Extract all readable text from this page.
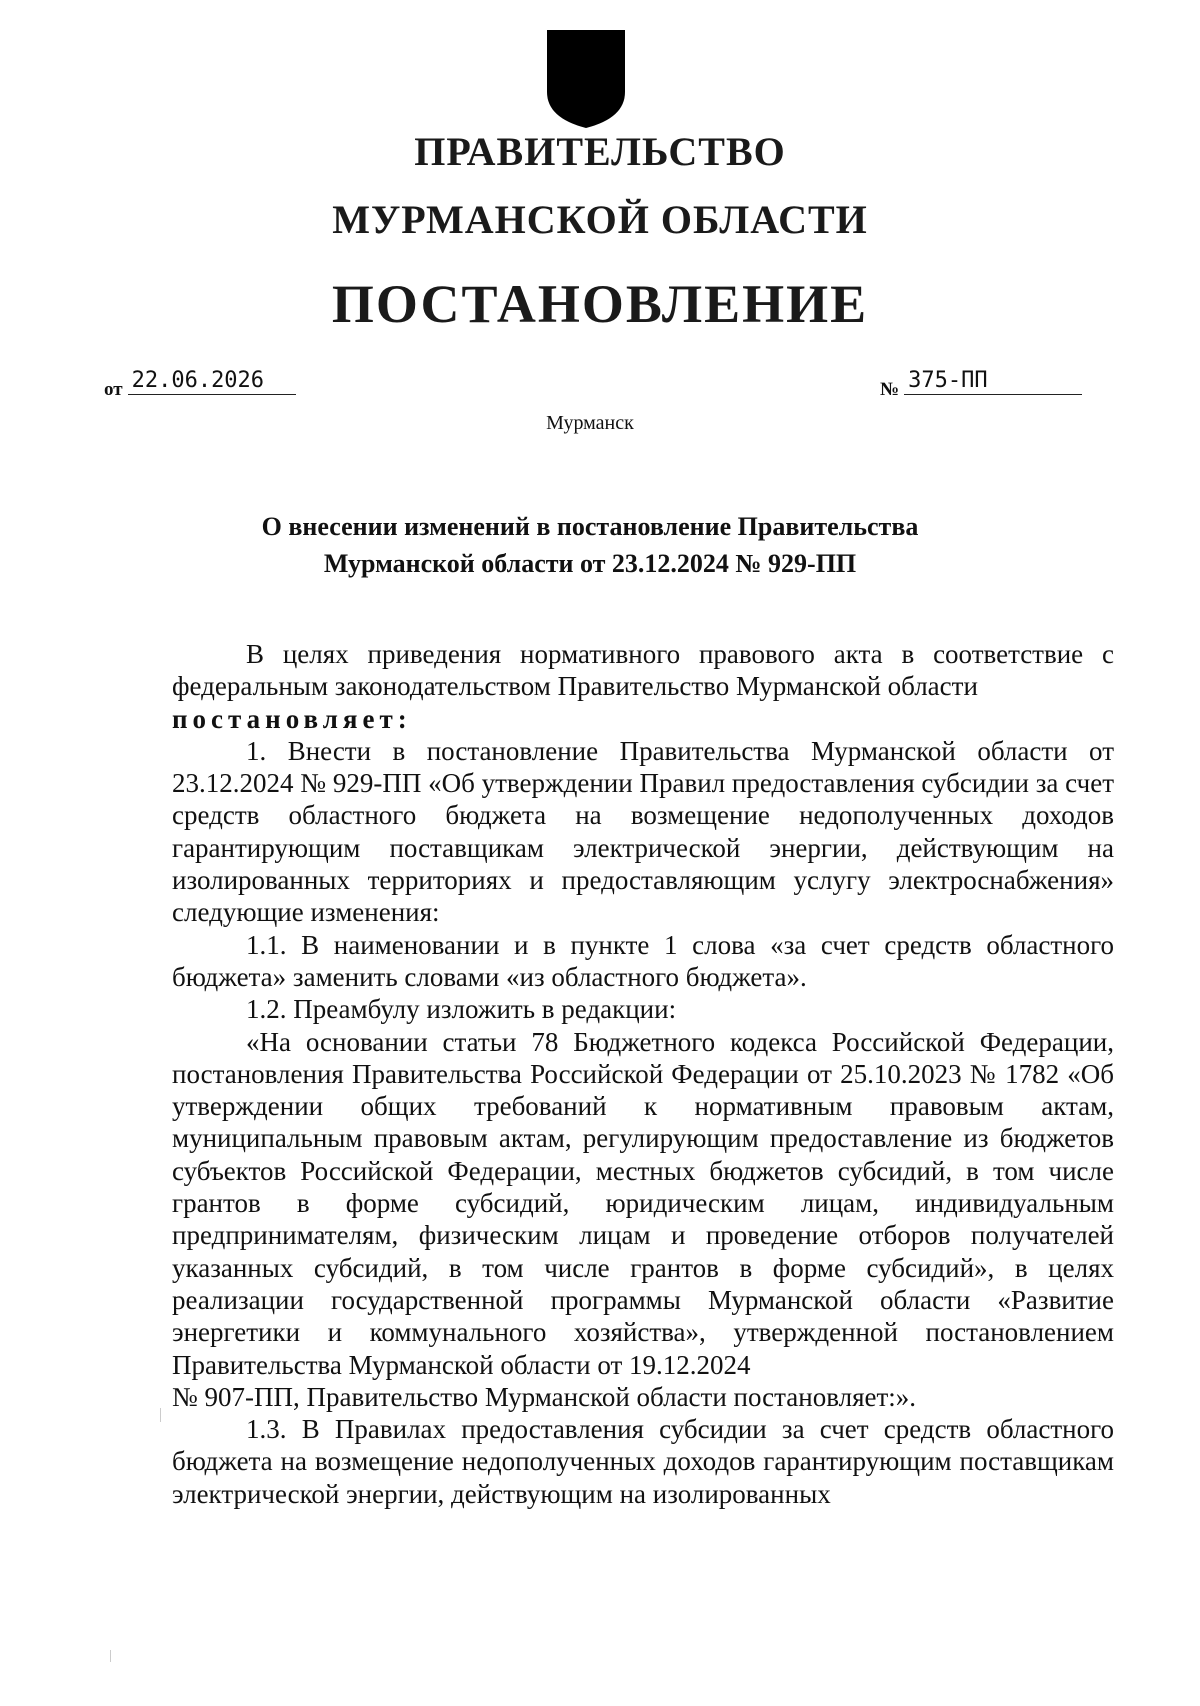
ПРАВИТЕЛЬСТВО
МУРМАНСКОЙ ОБЛАСТИ
ПОСТАНОВЛЕНИЕ
от 22.06.2026	№ 375-ПП

Мурманск

О внесении изменений в постановление Правительства
Мурманской области от 23.12.2024 № 929-ПП

В целях приведения нормативного правового акта в соответствие с федеральным законодательством Правительство Мурманской области

постановляет:

1. Внести в постановление Правительства Мурманской области от 23.12.2024 № 929-ПП «Об утверждении Правил предоставления субсидии за счет средств областного бюджета на возмещение недополученных доходов гарантирующим поставщикам электрической энергии, действующим на изолированных территориях и предоставляющим услугу электроснабжения» следующие изменения:

1.1. В наименовании и в пункте 1 слова «за счет средств областного бюджета» заменить словами «из областного бюджета».

1.2. Преамбулу изложить в редакции:

«На основании статьи 78 Бюджетного кодекса Российской Федерации, постановления Правительства Российской Федерации от 25.10.2023 № 1782 «Об утверждении общих требований к нормативным правовым актам, муниципальным правовым актам, регулирующим предоставление из бюджетов субъектов Российской Федерации, местных бюджетов субсидий, в том числе грантов в форме субсидий, юридическим лицам, индивидуальным предпринимателям, физическим лицам и проведение отборов получателей указанных субсидий, в том числе грантов в форме субсидий», в целях реализации государственной программы Мурманской области «Развитие энергетики и коммунального хозяйства», утвержденной постановлением Правительства Мурманской области от 19.12.2024

№ 907-ПП, Правительство Мурманской области постановляет:».

1.3. В Правилах предоставления субсидии за счет средств областного бюджета на возмещение недополученных доходов гарантирующим поставщикам электрической энергии, действующим на изолированных
